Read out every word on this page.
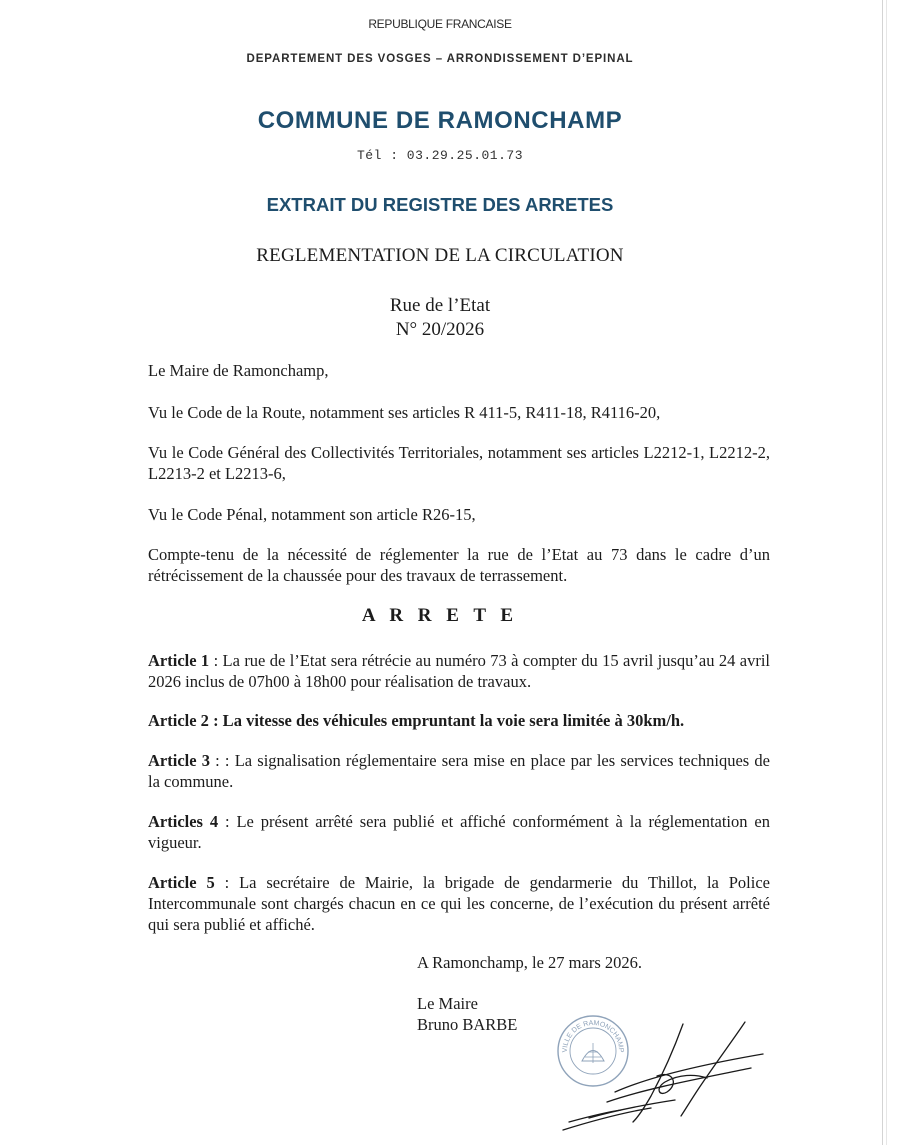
REPUBLIQUE FRANCAISE
DEPARTEMENT DES VOSGES – ARRONDISSEMENT D’EPINAL
COMMUNE DE RAMONCHAMP
Tél : 03.29.25.01.73
EXTRAIT DU REGISTRE DES ARRETES
REGLEMENTATION DE LA CIRCULATION
Rue de l’Etat
N° 20/2026
Le Maire de Ramonchamp,
Vu le Code de la Route, notamment ses articles R 411-5, R411-18, R4116-20,
Vu le Code Général des Collectivités Territoriales, notamment ses articles L2212-1, L2212-2, L2213-2 et L2213-6,
Vu le Code Pénal, notamment son article R26-15,
Compte-tenu de la nécessité de réglementer la rue de l’Etat au 73 dans le cadre d’un rétrécissement de la chaussée pour des travaux de terrassement.
A R R E T E
Article 1 : La rue de l’Etat sera rétrécie au numéro 73 à compter du 15 avril jusqu’au 24 avril 2026 inclus de 07h00 à 18h00 pour réalisation de travaux.
Article 2 : La vitesse des véhicules empruntant la voie sera limitée à 30km/h.
Article 3 : : La signalisation réglementaire sera mise en place par les services techniques de la commune.
Articles 4 : Le présent arrêté sera publié et affiché conformément à la réglementation en vigueur.
Article 5 : La secrétaire de Mairie, la brigade de gendarmerie du Thillot, la Police Intercommunale sont chargés chacun en ce qui les concerne, de l’exécution du présent arrêté qui sera publié et affiché.
A Ramonchamp, le 27 mars 2026.
Le Maire
Bruno BARBE
VILLE DE RAMONCHAMP
